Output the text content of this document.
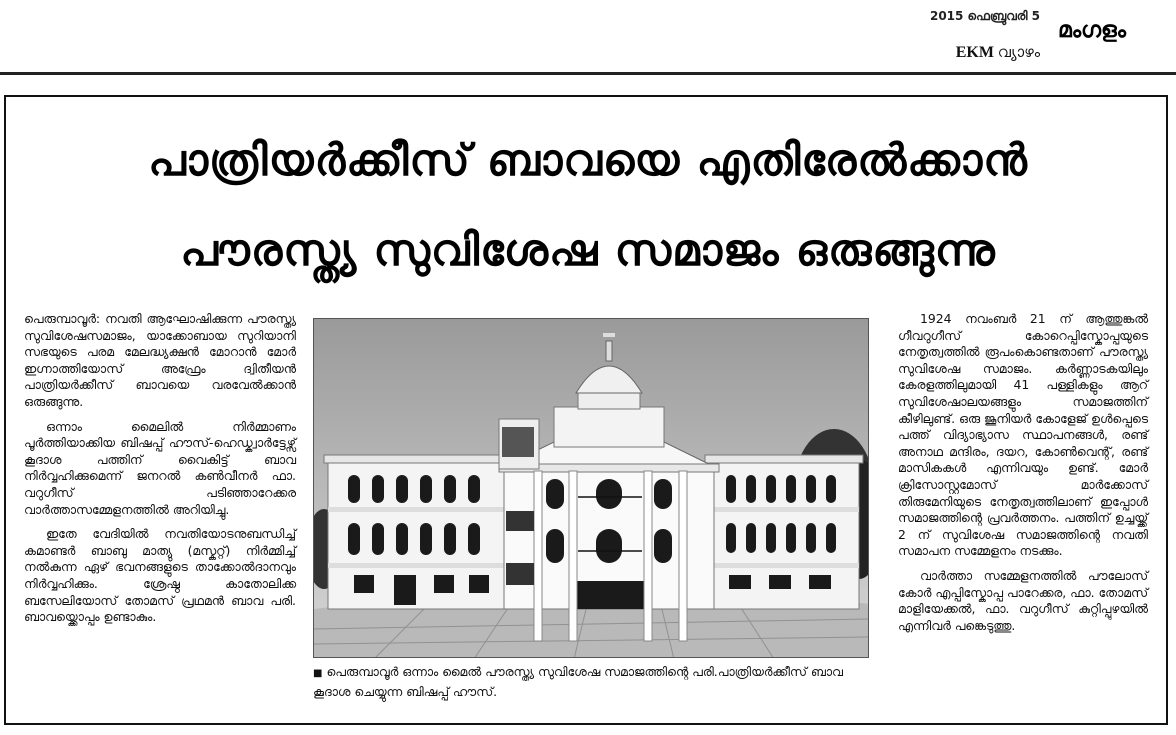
2015 ഫെബ്രുവരി 5
EKM വ്യാഴം
മംഗളം
പാത്രിയർക്കീസ് ബാവയെ എതിരേൽക്കാൻ
പൗരസ്ത്യ സുവിശേഷ സമാജം ഒരുങ്ങുന്നു

പെരുമ്പാവൂർ: നവതി ആഘോഷിക്കുന്ന പൗരസ്ത്യ സുവിശേഷസമാജം, യാക്കോബായ സുറിയാനി സഭയുടെ പരമ മേലദ്ധ്യക്ഷൻ മോറാൻ മോർ ഇഗ്നാത്തിയോസ് അഫ്രേം ദ്വിതീയൻ പാത്രിയർക്കീസ് ബാവയെ വരവേൽക്കാൻ ഒരുങ്ങുന്നു.

ഒന്നാം മൈലിൽ നിർമ്മാണം പൂർത്തിയാക്കിയ ബിഷപ്പ് ഹൗസ്-ഹെഡ്ക്വാർട്ടേഴ്സ് കൂദാശ പത്തിന് വൈകിട്ട് ബാവ നിർവ്വഹിക്കുമെന്ന് ജനറൽ കൺവീനർ ഫാ. വറുഗീസ് പടിഞ്ഞാറേക്കര വാർത്താസമ്മേളനത്തിൽ അറിയിച്ചു.

ഇതേ വേദിയിൽ നവതിയോടനുബന്ധിച്ച് കമാണ്ടർ ബാബു മാത്യു (മസ്കറ്റ്) നിർമ്മിച്ച് നൽകുന്ന ഏഴ് ഭവനങ്ങളുടെ താക്കോൽദാനവും നിർവ്വഹിക്കും. ശ്രേഷ്ഠ കാതോലിക്ക ബസേലിയോസ് തോമസ് പ്രഥമൻ ബാവ പരി. ബാവയ്ക്കൊപ്പം ഉണ്ടാകും.

■ പെരുമ്പാവൂർ ഒന്നാം മൈൽ പൗരസ്ത്യ സുവിശേഷ സമാജത്തിന്റെ പരി.പാത്രിയർക്കീസ് ബാവ കൂദാശ ചെയ്യുന്ന ബിഷപ്പ് ഹൗസ്.

1924 നവംബർ 21 ന് ആത്തുങ്കൽ ഗീവറുഗീസ് കോറെപ്പിസ്കോപ്പയുടെ നേതൃത്വത്തിൽ രൂപംകൊണ്ടതാണ് പൗരസ്ത്യ സുവിശേഷ സമാജം. കർണ്ണാടകയിലും കേരളത്തിലുമായി 41 പള്ളികളും ആറ് സുവിശേഷാലയങ്ങളും സമാജത്തിന് കീഴിലുണ്ട്. ഒരു ജൂനിയർ കോളേജ് ഉൾപ്പെടെ പത്ത് വിദ്യാഭ്യാസ സ്ഥാപനങ്ങൾ, രണ്ട് അനാഥ മന്ദിരം, ദയറ, കോൺവെന്റ്, രണ്ട് മാസികകൾ എന്നിവയും ഉണ്ട്. മോർ ക്രിസോസ്റ്റമോസ് മാർക്കോസ് തിരുമേനിയുടെ നേതൃത്വത്തിലാണ് ഇപ്പോൾ സമാജത്തിന്റെ പ്രവർത്തനം. പത്തിന് ഉച്ചയ്ക്ക് 2 ന് സുവിശേഷ സമാജത്തിന്റെ നവതി സമാപന സമ്മേളനം നടക്കും.

വാർത്താ സമ്മേളനത്തിൽ പൗലോസ് കോർ എപ്പിസ്കോപ്പ പാറേക്കര, ഫാ. തോമസ് മാളിയേക്കൽ, ഫാ. വറുഗീസ് കുറ്റിപ്പുഴയിൽ എന്നിവർ പങ്കെടുത്തു.
